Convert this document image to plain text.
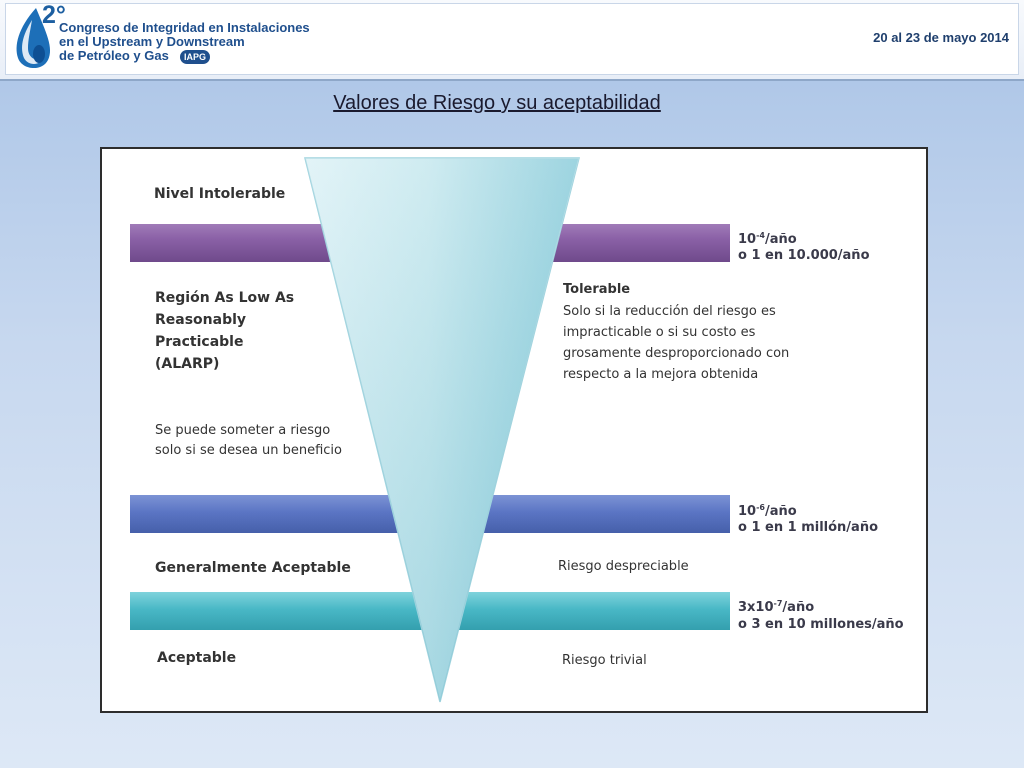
2°
Congreso de Integridad en Instalaciones
en el Upstream y Downstream
de Petróleo y Gas	IAPG
20 al 23 de mayo 2014
Valores de Riesgo y su aceptabilidad
Nivel Intolerable
Región As Low As
Reasonably
Practicable
(ALARP)
Se puede someter a riesgo
solo si se desea un beneficio
Generalmente Aceptable
Aceptable
Tolerable
Solo si la reducción del riesgo es
impracticable o si su costo es
grosamente desproporcionado con
respecto a la mejora obtenida
Riesgo despreciable
Riesgo trivial
$10^{-4}$/año
o 1 en 10.000/año
$10^{-6}$/año
o 1 en 1 millón/año
$3x10^{-7}$/año
o 3 en 10 millones/año
